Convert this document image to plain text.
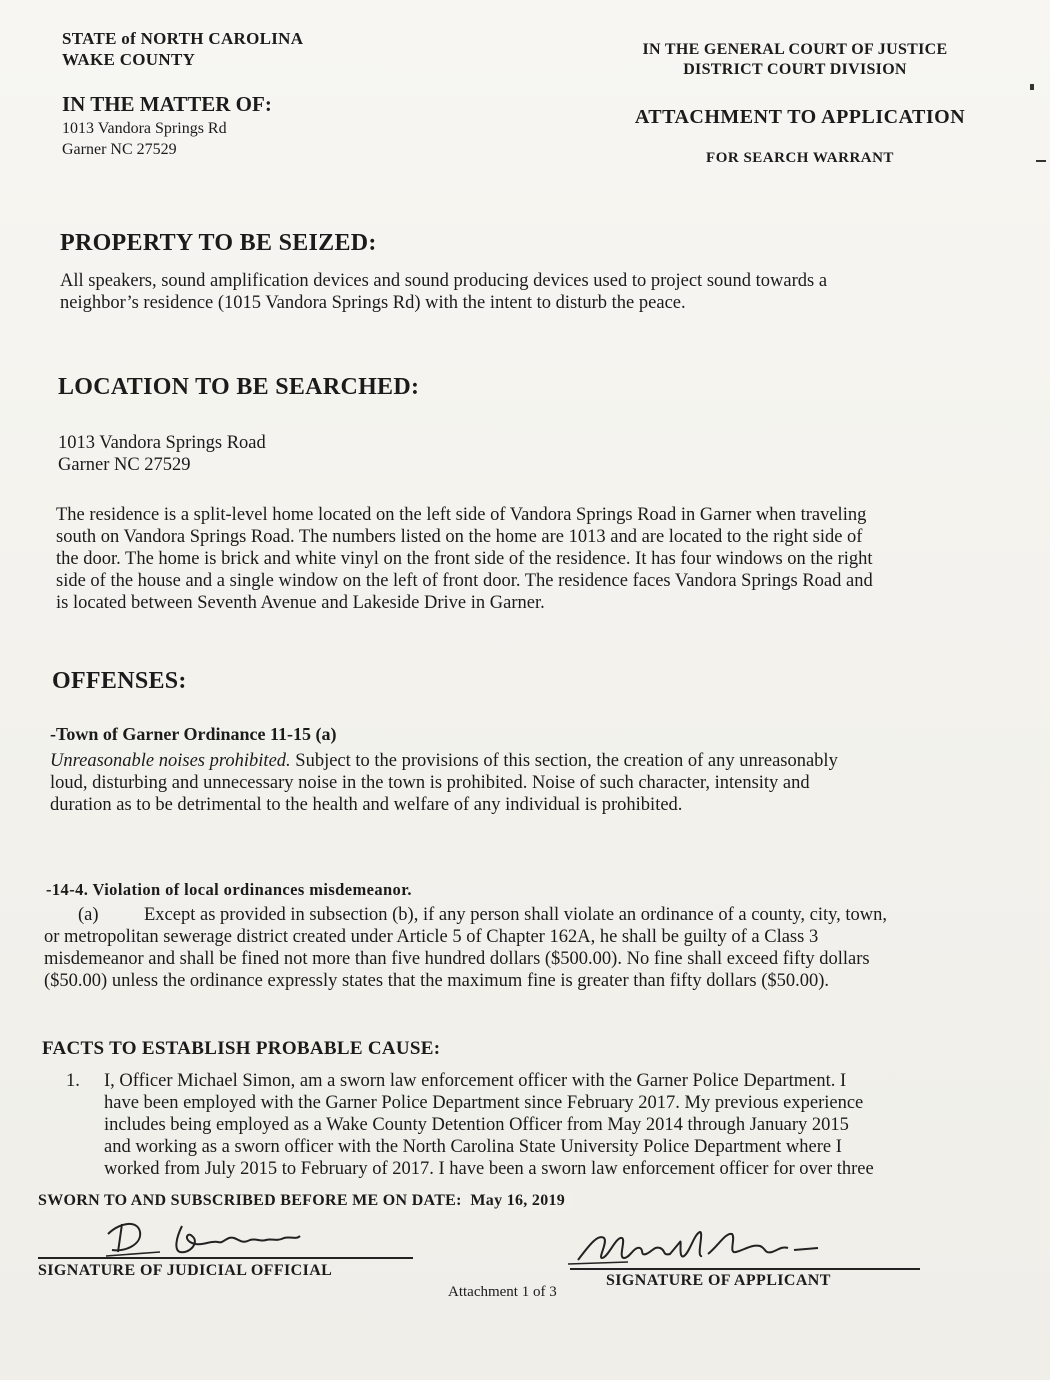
STATE of NORTH CAROLINA
WAKE COUNTY
IN THE MATTER OF:
1013 Vandora Springs Rd
Garner NC 27529
IN THE GENERAL COURT OF JUSTICE
DISTRICT COURT DIVISION
ATTACHMENT TO APPLICATION
FOR SEARCH WARRANT
PROPERTY TO BE SEIZED:

All speakers, sound amplification devices and sound producing devices used to project sound towards a

neighbor’s residence (1015 Vandora Springs Rd) with the intent to disturb the peace.

LOCATION TO BE SEARCHED:

1013 Vandora Springs Road

Garner NC 27529

The residence is a split-level home located on the left side of Vandora Springs Road in Garner when traveling

south on Vandora Springs Road. The numbers listed on the home are 1013 and are located to the right side of

the door. The home is brick and white vinyl on the front side of the residence. It has four windows on the right

side of the house and a single window on the left of front door. The residence faces Vandora Springs Road and

is located between Seventh Avenue and Lakeside Drive in Garner.

OFFENSES:
-Town of Garner Ordinance 11-15 (a)

Unreasonable noises prohibited. Subject to the provisions of this section, the creation of any unreasonably

loud, disturbing and unnecessary noise in the town is prohibited. Noise of such character, intensity and

duration as to be detrimental to the health and welfare of any individual is prohibited.

-14-4. Violation of local ordinances misdemeanor.

(a) Except as provided in subsection (b), if any person shall violate an ordinance of a county, city, town,

or metropolitan sewerage district created under Article 5 of Chapter 162A, he shall be guilty of a Class 3

misdemeanor and shall be fined not more than five hundred dollars ($500.00). No fine shall exceed fifty dollars

($50.00) unless the ordinance expressly states that the maximum fine is greater than fifty dollars ($50.00).

FACTS TO ESTABLISH PROBABLE CAUSE:
1. I, Officer Michael Simon, am a sworn law enforcement officer with the Garner Police Department. I

have been employed with the Garner Police Department since February 2017. My previous experience

includes being employed as a Wake County Detention Officer from May 2014 through January 2015

and working as a sworn officer with the North Carolina State University Police Department where I

worked from July 2015 to February of 2017. I have been a sworn law enforcement officer for over three

SWORN TO AND SUBSCRIBED BEFORE ME ON DATE: May 16, 2019
SIGNATURE OF JUDICIAL OFFICIAL
SIGNATURE OF APPLICANT
Attachment 1 of 3
